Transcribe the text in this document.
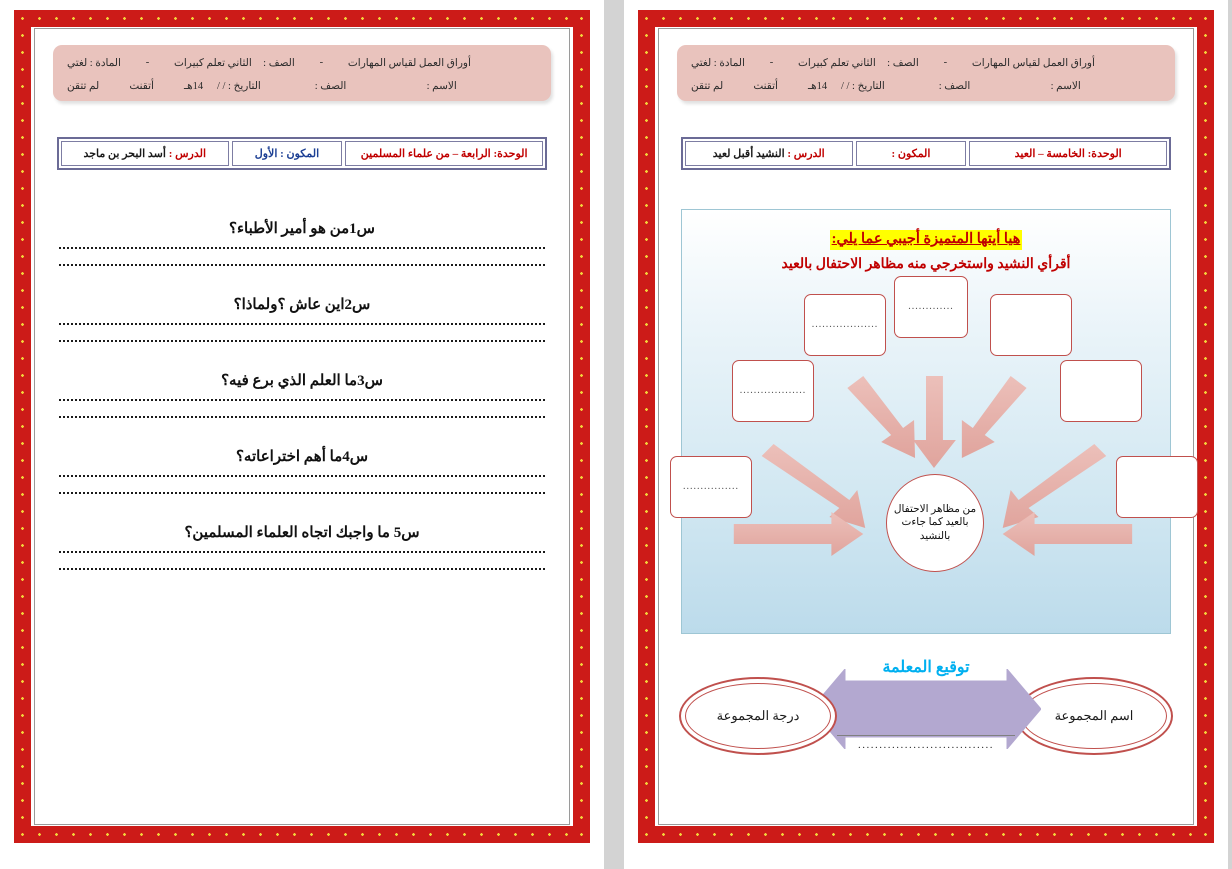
أوراق العمل لقياس المهارات
-
الصف :
الثاني تعلم كبيرات
-
المادة : لغتي
الاسم :
الصف :
التاريخ : / /
14هـ
أتقنت
لم تتقن
الوحدة: الرابعة – من علماء المسلمين
المكون : الأول
الدرس : أسد البحر بن ماجد
س1من هو أمير الأطباء؟
س2اين عاش ؟ولماذا؟
س3ما العلم الذي برع فيه؟
س4ما أهم اختراعاته؟
س5 ما واجبك اتجاه العلماء المسلمين؟
أوراق العمل لقياس المهارات
-
الصف :
الثاني تعلم كبيرات
-
المادة : لغتي
الاسم :
الصف :
التاريخ : / /
14هـ
أتقنت
لم تتقن
الوحدة: الخامسة – العيد
المكون :
الدرس : النشيد أقبل لعيد
هيا أيتها المتميزة أجيبي عما يلي:
أقرأي النشيد واستخرجي منه مظاهر الاحتفال بالعيد
.............
...................
...................
................
من مظاهر الاحتفال بالعيد كما جاءت بالنشيد
اسم المجموعة
توقيع المعلمة
................................
درجة المجموعة
